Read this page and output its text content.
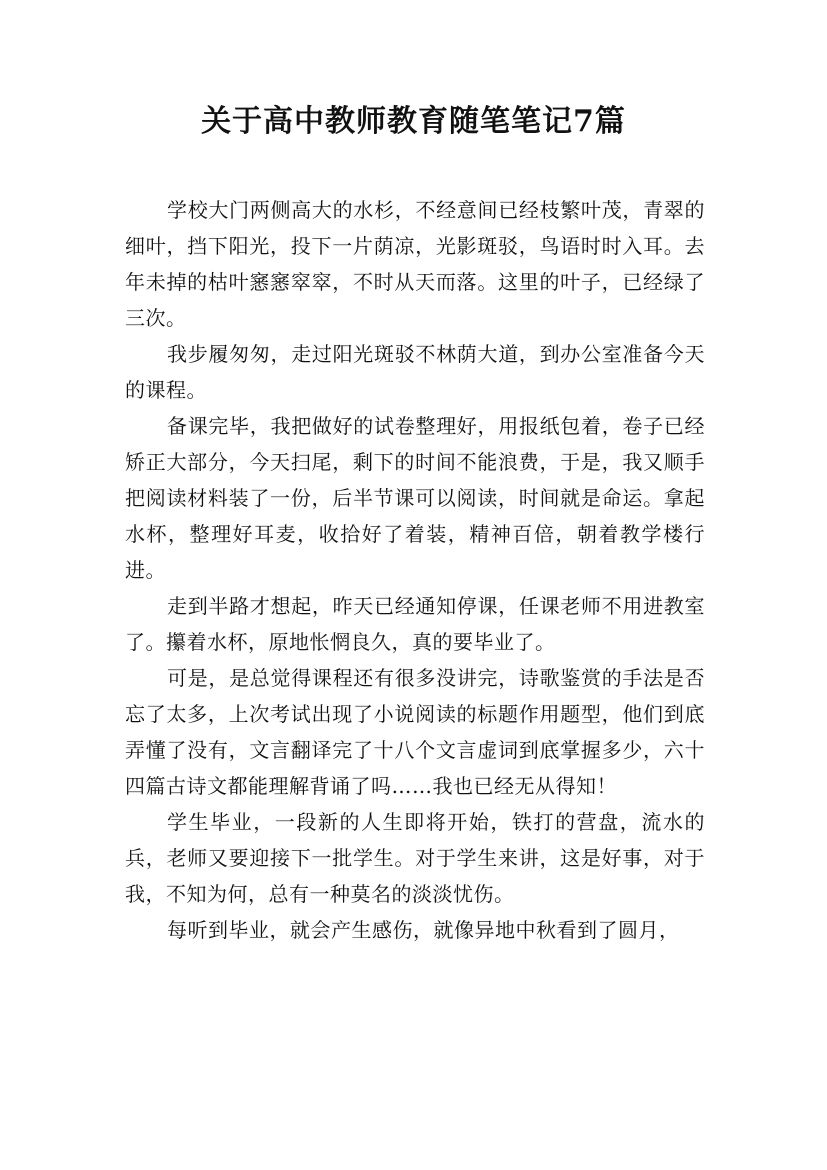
关于高中教师教育随笔笔记7篇

学校大门两侧高大的水杉，不经意间已经枝繁叶茂，青翠的细叶，挡下阳光，投下一片荫凉，光影斑驳，鸟语时时入耳。去年未掉的枯叶窸窸窣窣，不时从天而落。这里的叶子，已经绿了三次。

我步履匆匆，走过阳光斑驳不林荫大道，到办公室准备今天的课程。

备课完毕，我把做好的试卷整理好，用报纸包着，卷子已经矫正大部分，今天扫尾，剩下的时间不能浪费，于是，我又顺手把阅读材料装了一份，后半节课可以阅读，时间就是命运。拿起水杯，整理好耳麦，收拾好了着装，精神百倍，朝着教学楼行进。

走到半路才想起，昨天已经通知停课，任课老师不用进教室了。攥着水杯，原地怅惘良久，真的要毕业了。

可是，是总觉得课程还有很多没讲完，诗歌鉴赏的手法是否忘了太多，上次考试出现了小说阅读的标题作用题型，他们到底弄懂了没有，文言翻译完了十八个文言虚词到底掌握多少，六十四篇古诗文都能理解背诵了吗……我也已经无从得知！

学生毕业，一段新的人生即将开始，铁打的营盘，流水的兵，老师又要迎接下一批学生。对于学生来讲，这是好事，对于我，不知为何，总有一种莫名的淡淡忧伤。

每听到毕业，就会产生感伤，就像异地中秋看到了圆月，
